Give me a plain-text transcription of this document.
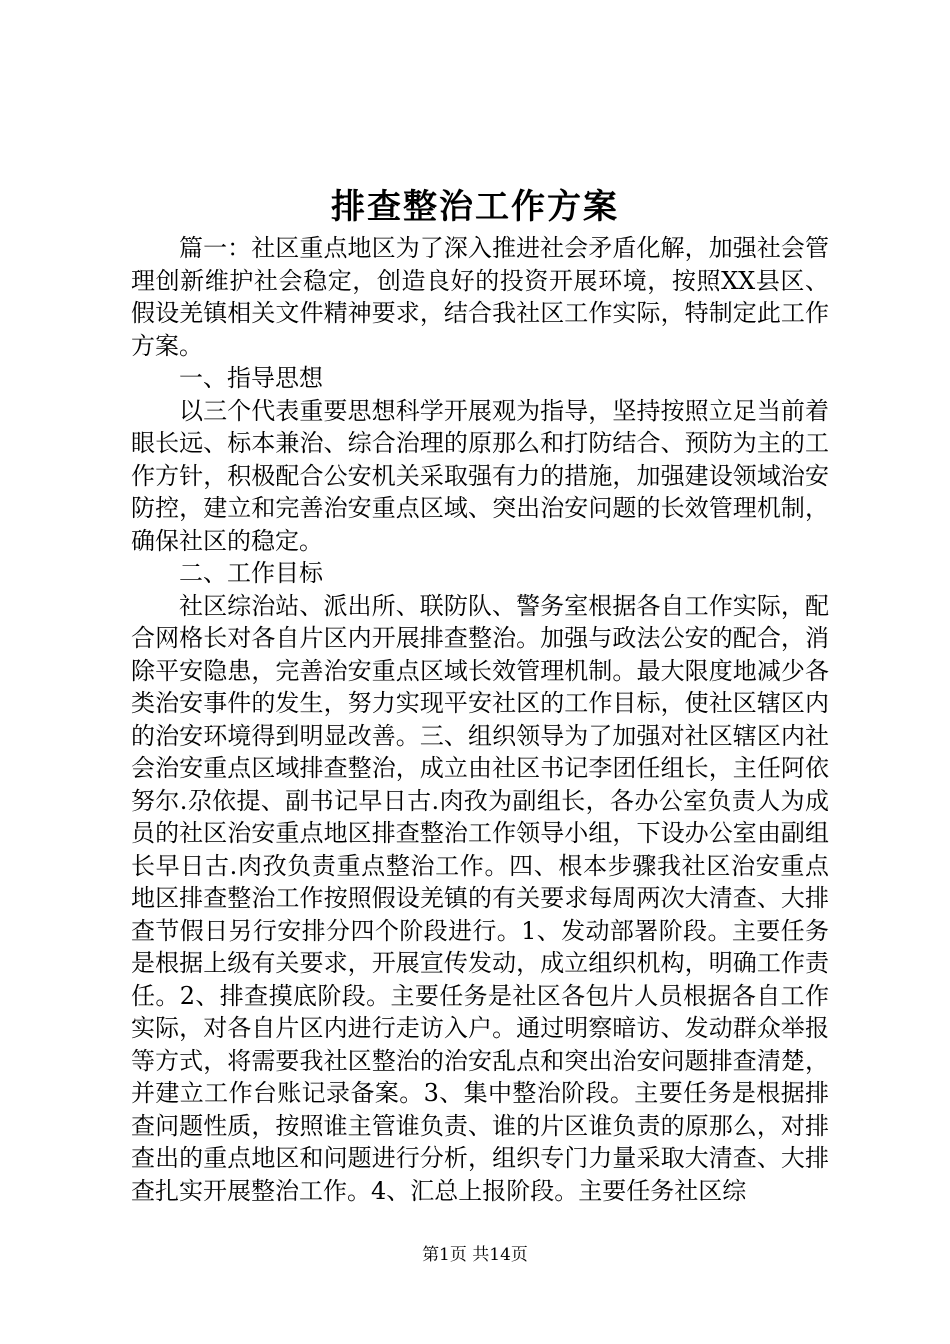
排查整治工作方案

篇一：社区重点地区为了深入推进社会矛盾化解，加强社会管理创新维护社会稳定，创造良好的投资开展环境，按照XX县区、假设羌镇相关文件精神要求，结合我社区工作实际，特制定此工作方案。

一、指导思想

以三个代表重要思想科学开展观为指导，坚持按照立足当前着眼长远、标本兼治、综合治理的原那么和打防结合、预防为主的工作方针，积极配合公安机关采取强有力的措施，加强建设领域治安防控，建立和完善治安重点区域、突出治安问题的长效管理机制，确保社区的稳定。

二、工作目标

社区综治站、派出所、联防队、警务室根据各自工作实际，配合网格长对各自片区内开展排查整治。加强与政法公安的配合，消除平安隐患，完善治安重点区域长效管理机制。最大限度地减少各类治安事件的发生，努力实现平安社区的工作目标，使社区辖区内的治安环境得到明显改善。三、组织领导为了加强对社区辖区内社会治安重点区域排查整治，成立由社区书记李团任组长，主任阿依努尔.尕依提、副书记早日古.肉孜为副组长，各办公室负责人为成员的社区治安重点地区排查整治工作领导小组，下设办公室由副组长早日古.肉孜负责重点整治工作。四、根本步骤我社区治安重点地区排查整治工作按照假设羌镇的有关要求每周两次大清查、大排查节假日另行安排分四个阶段进行。1、发动部署阶段。主要任务是根据上级有关要求，开展宣传发动，成立组织机构，明确工作责任。2、排查摸底阶段。主要任务是社区各包片人员根据各自工作实际，对各自片区内进行走访入户。通过明察暗访、发动群众举报等方式，将需要我社区整治的治安乱点和突出治安问题排查清楚，并建立工作台账记录备案。3、集中整治阶段。主要任务是根据排查问题性质，按照谁主管谁负责、谁的片区谁负责的原那么，对排查出的重点地区和问题进行分析，组织专门力量采取大清查、大排查扎实开展整治工作。4、汇总上报阶段。主要任务社区综

第1页 共14页
